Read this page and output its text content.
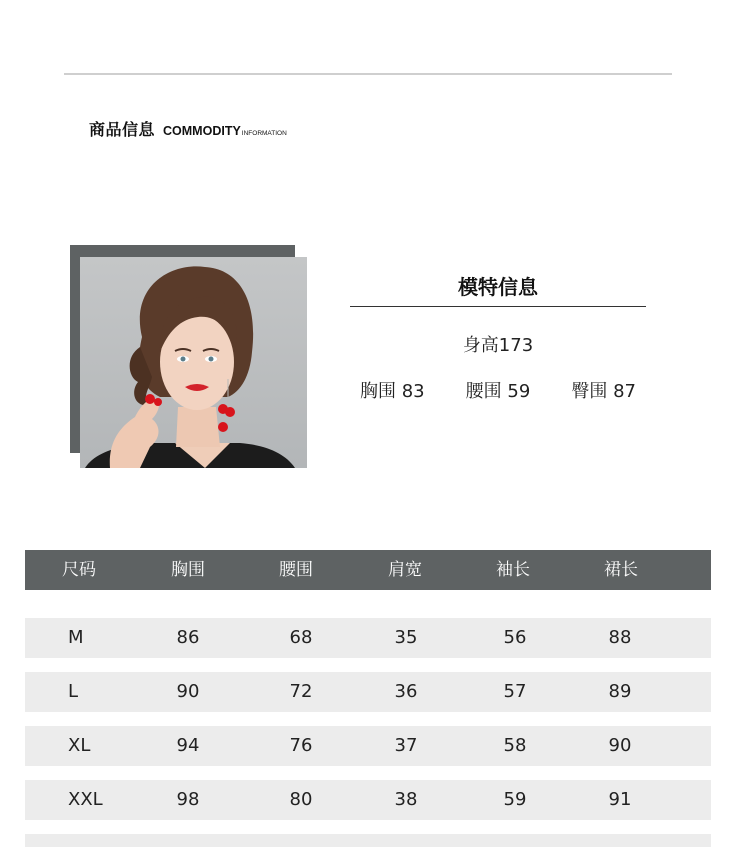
商品信息 COMMODITY INFORMATION
模特信息
身高173
胸围 83 腰围 59 臀围 87
尺码	胸围	腰围	肩宽	袖长	裙长
M	86	68	35	56	88
L	90	72	36	57	89
XL	94	76	37	58	90
XXL	98	80	38	59	91
